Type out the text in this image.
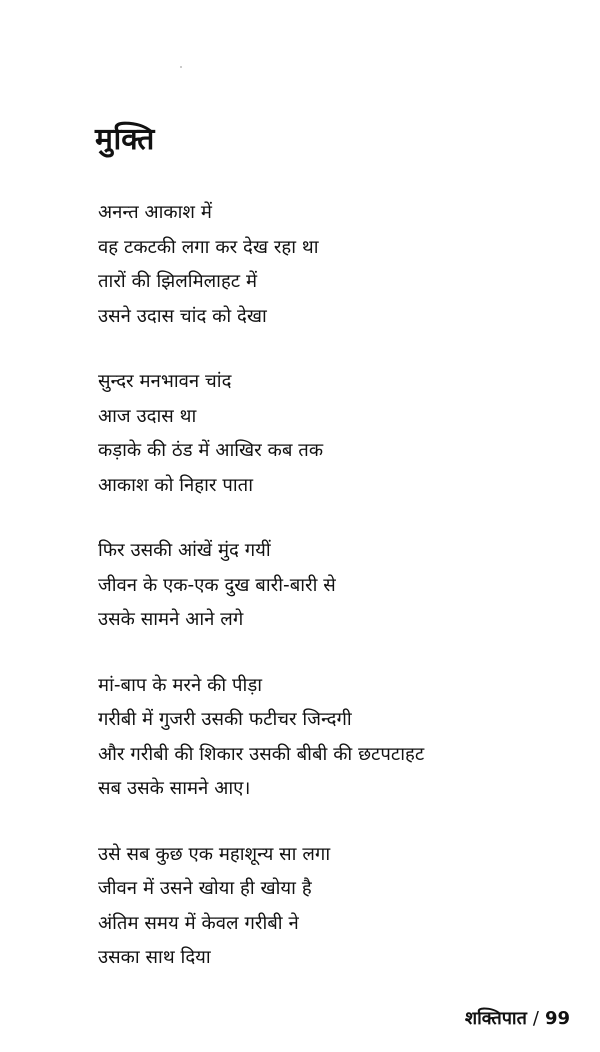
मुक्ति
अनन्त आकाश में
वह टकटकी लगा कर देख रहा था
तारों की झिलमिलाहट में
उसने उदास चांद को देखा
सुन्दर मनभावन चांद
आज उदास था
कड़ाके की ठंड में आखिर कब तक
आकाश को निहार पाता
फिर उसकी आंखें मुंद गयीं
जीवन के एक-एक दुख बारी-बारी से
उसके सामने आने लगे
मां-बाप के मरने की पीड़ा
गरीबी में गुजरी उसकी फटीचर जिन्दगी
और गरीबी की शिकार उसकी बीबी की छटपटाहट
सब उसके सामने आए।
उसे सब कुछ एक महाशून्य सा लगा
जीवन में उसने खोया ही खोया है
अंतिम समय में केवल गरीबी ने
उसका साथ दिया
शक्तिपात / 99
